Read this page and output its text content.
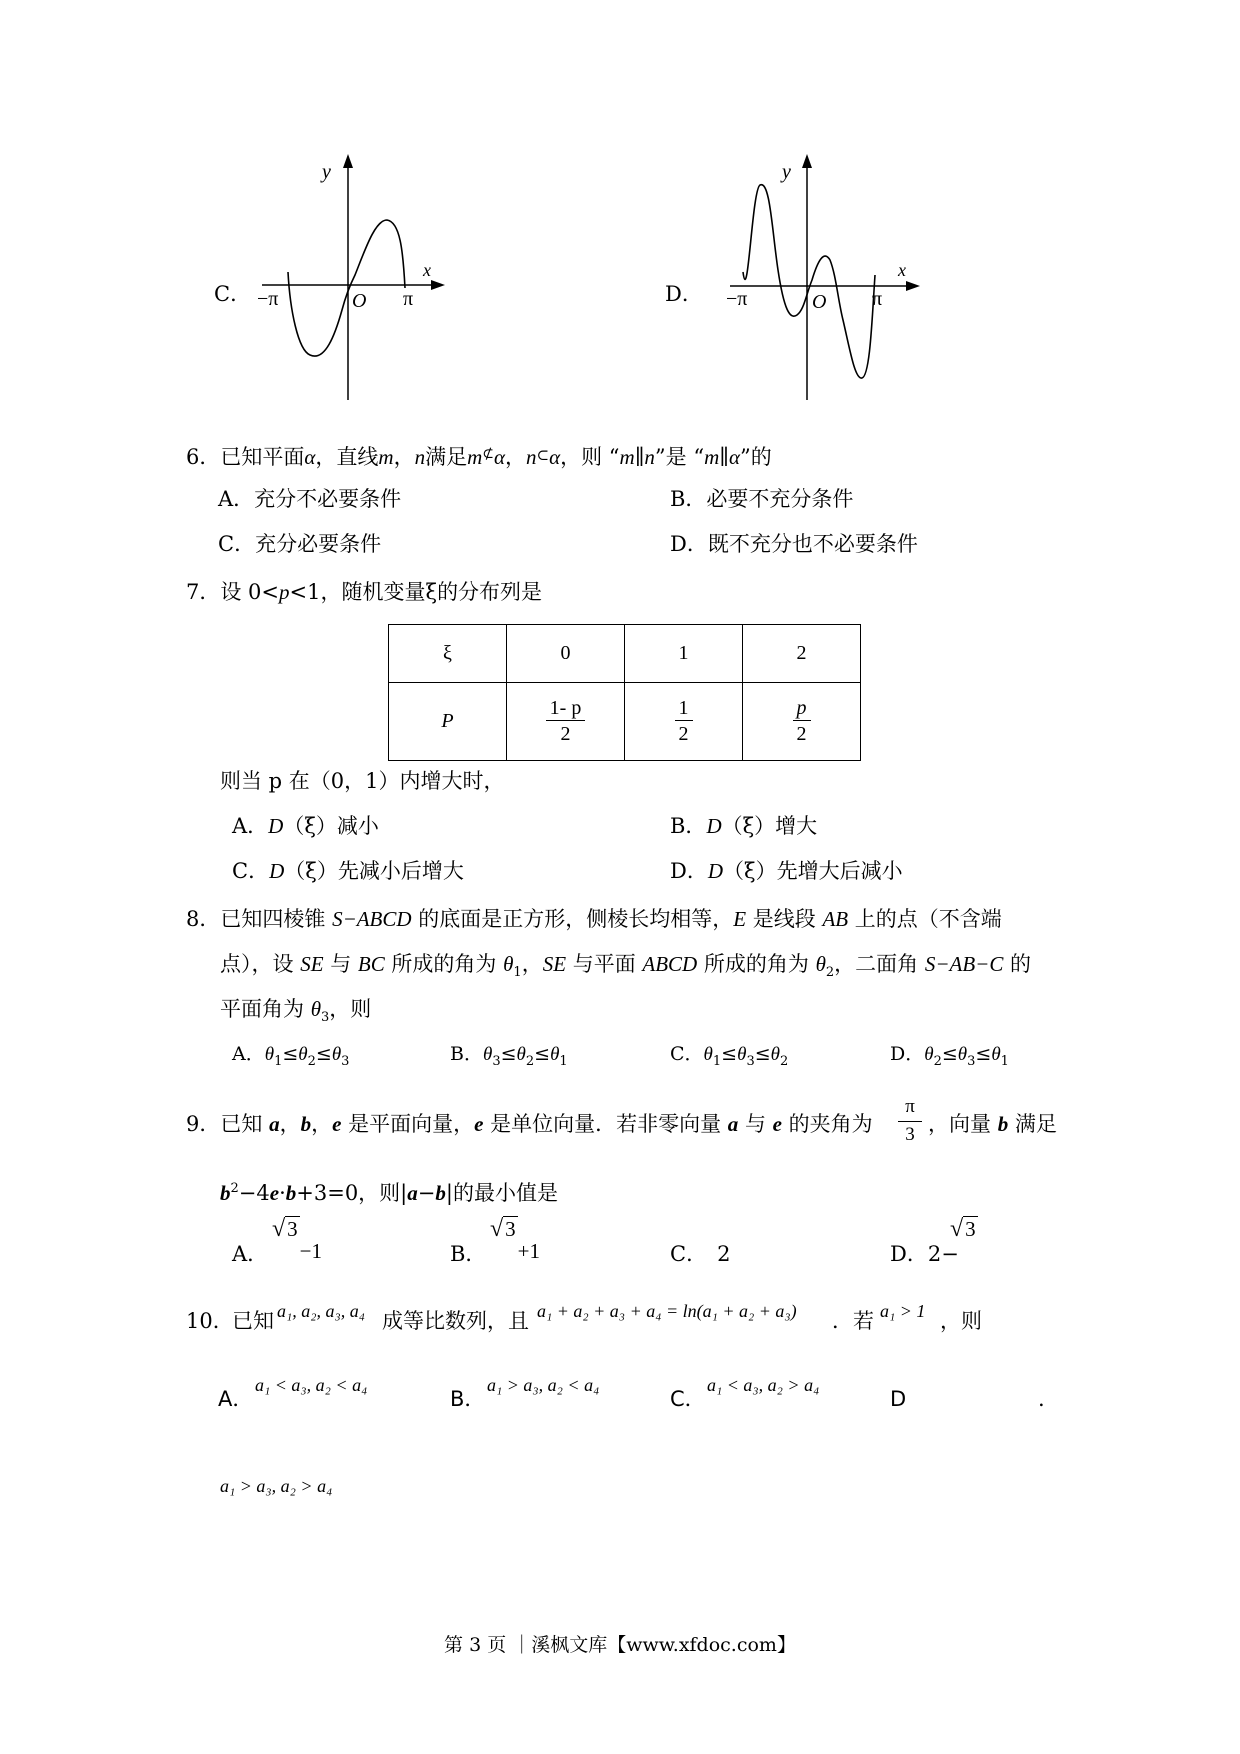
C．
y
x
O
−π	π	D．
y
x
O
−π	π
6．已知平面α，直线m，n满足m⊄α，n⊂α，则 “m∥n”是 “m∥α”的
A．充分不必要条件	B．必要不充分条件
C．充分必要条件	D．既不充分也不必要条件
7．设 0<p<1，随机变量ξ的分布列是
ξ	0	1	2
P	$\frac{1- p}{2}$	$\frac{1}{2}$	$\frac{p}{2}$
则当 p 在（0，1）内增大时，
A．D（ξ）减小	B．D（ξ）增大
C．D（ξ）先减小后增大	D．D（ξ）先增大后减小
8．已知四棱锥 S−ABCD 的底面是正方形，侧棱长均相等，E 是线段 AB 上的点（不含端
点），设 SE 与 BC 所成的角为 $\theta_1$，SE 与平面 ABCD 所成的角为 $\theta_2$，二面角 S−AB−C 的
平面角为 $\theta_3$，则
A．$\theta_1\le\theta_2\le\theta_3$	B．$\theta_3\le\theta_2\le\theta_1$	C．$\theta_1\le\theta_3\le\theta_2$	D．$\theta_2\le\theta_3\le\theta_1$
9．已知 a，b，e 是平面向量，e 是单位向量．若非零向量 a 与 e 的夹角为 $\frac{\pi}{3}$ ，向量 b 满足
$b^2-4e\cdot b+3=0$，则|a−b|的最小值是
A．
√3−1	B．
√3+1	C． 2	D．2−
√3
10．
已知 a₁, a₂, a₃, a₄ 成等比数列，且 a₁ + a₂ + a₃ + a₄ = ln(a₁ + a₂ + a₃) ．若 a₁ > 1 ，则
A．
a₁ < a₃, a₂ < a₄
B．
a₁ > a₃, a₂ < a₄
C．
a₁ < a₃, a₂ > a₄
D	.
a₁ > a₃, a₂ > a₄
第 3 页 ｜溪枫文库【www.xfdoc.com】
